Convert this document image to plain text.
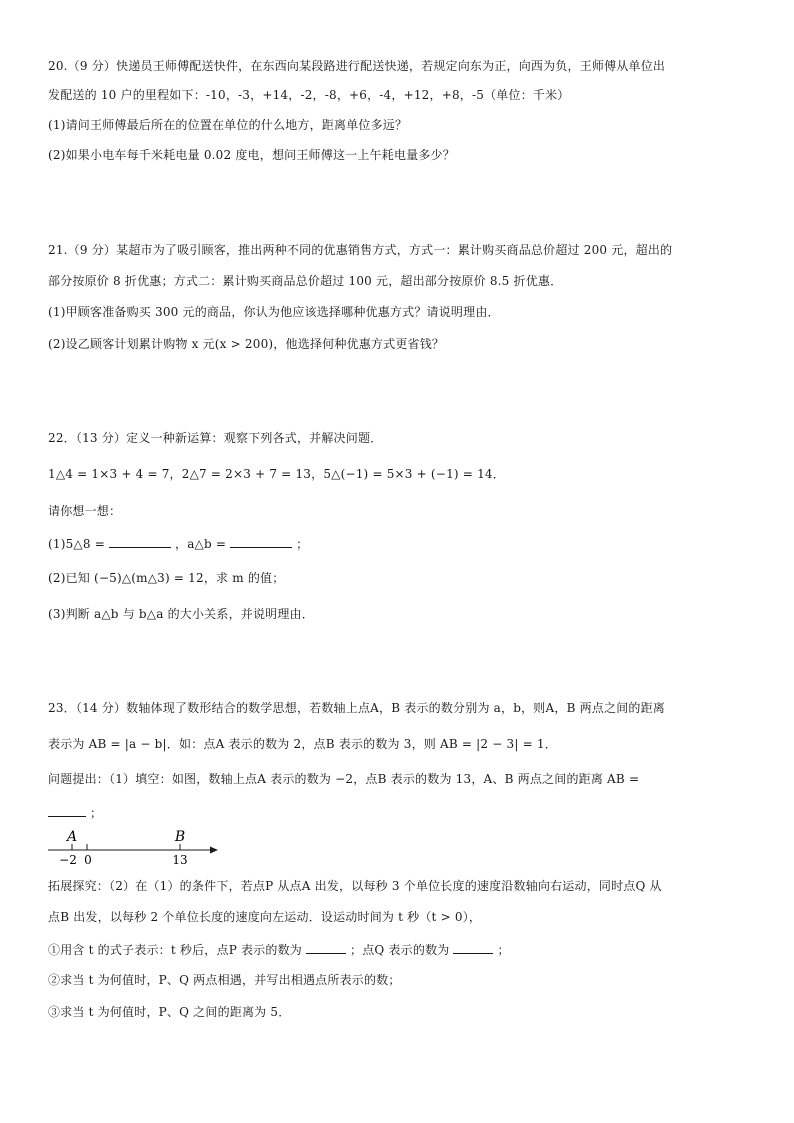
20.（9 分）快递员王师傅配送快件，在东西向某段路进行配送快递，若规定向东为正，向西为负，王师傅从单位出
发配送的 10 户的里程如下：-10，-3，+14，-2，-8，+6，-4，+12，+8，-5（单位：千米）
(1)请问王师傅最后所在的位置在单位的什么地方，距离单位多远？
(2)如果小电车每千米耗电量 0.02 度电，想问王师傅这一上午耗电量多少？
21.（9 分）某超市为了吸引顾客，推出两种不同的优惠销售方式，方式一：累计购买商品总价超过 200 元，超出的
部分按原价 8 折优惠；方式二：累计购买商品总价超过 100 元，超出部分按原价 8.5 折优惠．
(1)甲顾客准备购买 300 元的商品，你认为他应该选择哪种优惠方式？请说明理由．
(2)设乙顾客计划累计购物 x 元(x > 200)，他选择何种优惠方式更省钱？
22．（13 分）定义一种新运算：观察下列各式，并解决问题．
1△4 = 1×3 + 4 = 7，2△7 = 2×3 + 7 = 13，5△(−1) = 5×3 + (−1) = 14．
请你想一想：
(1)5△8 =	，a△b =	；
(2)已知 (−5)△(m△3) = 12，求 m 的值；
(3)判断 a△b 与 b△a 的大小关系，并说明理由．
23．（14 分）数轴体现了数形结合的数学思想，若数轴上点A，B 表示的数分别为 a，b，则A，B 两点之间的距离
表示为 AB = |a − b|．如：点A 表示的数为 2，点B 表示的数为 3，则 AB = |2 − 3| = 1．
问题提出：（1）填空：如图，数轴上点A 表示的数为 −2，点B 表示的数为 13，A、B 两点之间的距离 AB =
；
A	B
−2 0	13
拓展探究：（2）在（1）的条件下，若点P 从点A 出发，以每秒 3 个单位长度的速度沿数轴向右运动，同时点Q 从
点B 出发，以每秒 2 个单位长度的速度向左运动．设运动时间为 t 秒（t > 0），
①用含 t 的式子表示：t 秒后，点P 表示的数为	；点Q 表示的数为	；
②求当 t 为何值时，P、Q 两点相遇，并写出相遇点所表示的数；
③求当 t 为何值时，P、Q 之间的距离为 5．
